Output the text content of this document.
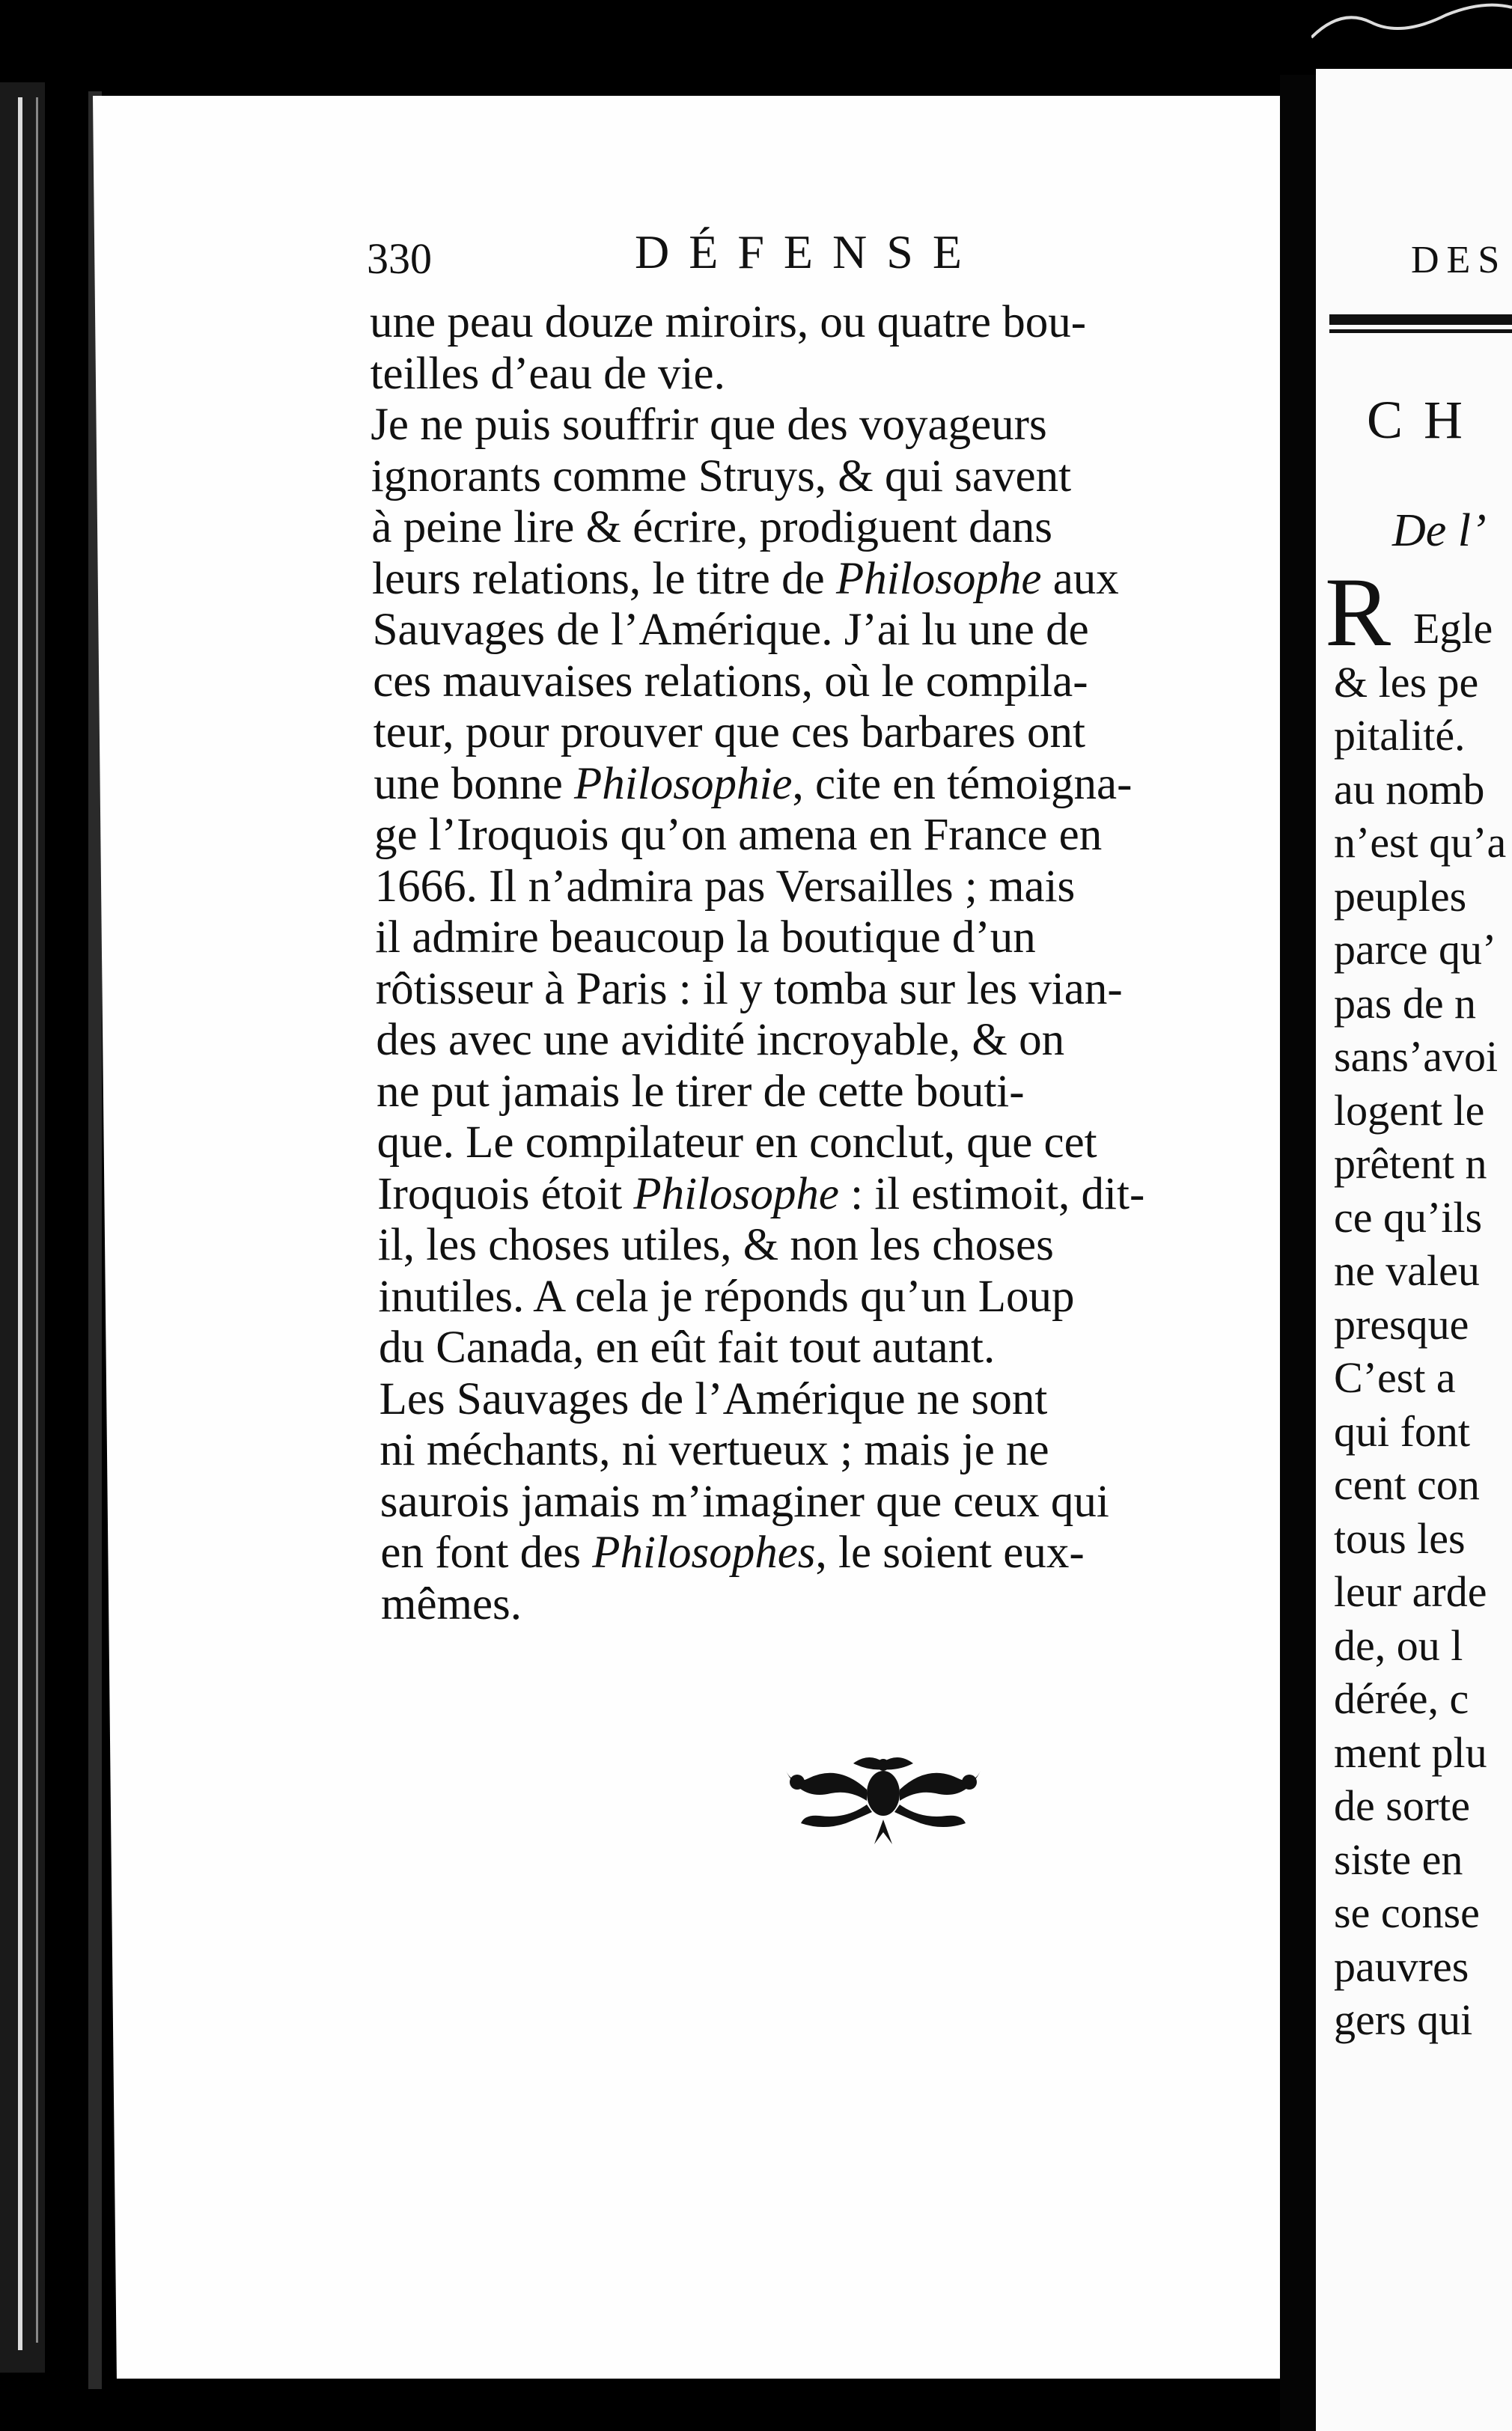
330	DÉFENSE
une peau douze miroirs, ou quatre bou-
teilles d’eau de vie.
Je ne puis souffrir que des voyageurs
ignorants comme Struys, & qui savent
à peine lire & écrire, prodiguent dans
leurs relations, le titre de Philosophe aux
Sauvages de l’Amérique. J’ai lu une de
ces mauvaises relations, où le compila-
teur, pour prouver que ces barbares ont
une bonne Philosophie, cite en témoigna-
ge l’Iroquois qu’on amena en France en
1666. Il n’admira pas Versailles ; mais
il admire beaucoup la boutique d’un
rôtisseur à Paris : il y tomba sur les vian-
des avec une avidité incroyable, & on
ne put jamais le tirer de cette bouti-
que. Le compilateur en conclut, que cet
Iroquois étoit Philosophe : il estimoit, dit-
il, les choses utiles, & non les choses
inutiles. A cela je réponds qu’un Loup
du Canada, en eût fait tout autant.
Les Sauvages de l’Amérique ne sont
ni méchants, ni vertueux ; mais je ne
saurois jamais m’imaginer que ceux qui
en font des Philosophes, le soient eux-
mêmes.
DES
CH
De l’
R Egle
& les pe
pitalité.
au nomb
n’est qu’a
peuples
parce qu’
pas de n
sans’avoi
logent le
prêtent n
ce qu’ils
ne valeu
presque
C’est a
qui font
cent con
tous les
leur arde
de, ou l
dérée, c
ment plu
de sorte
siste en
se conse
pauvres
gers qui
